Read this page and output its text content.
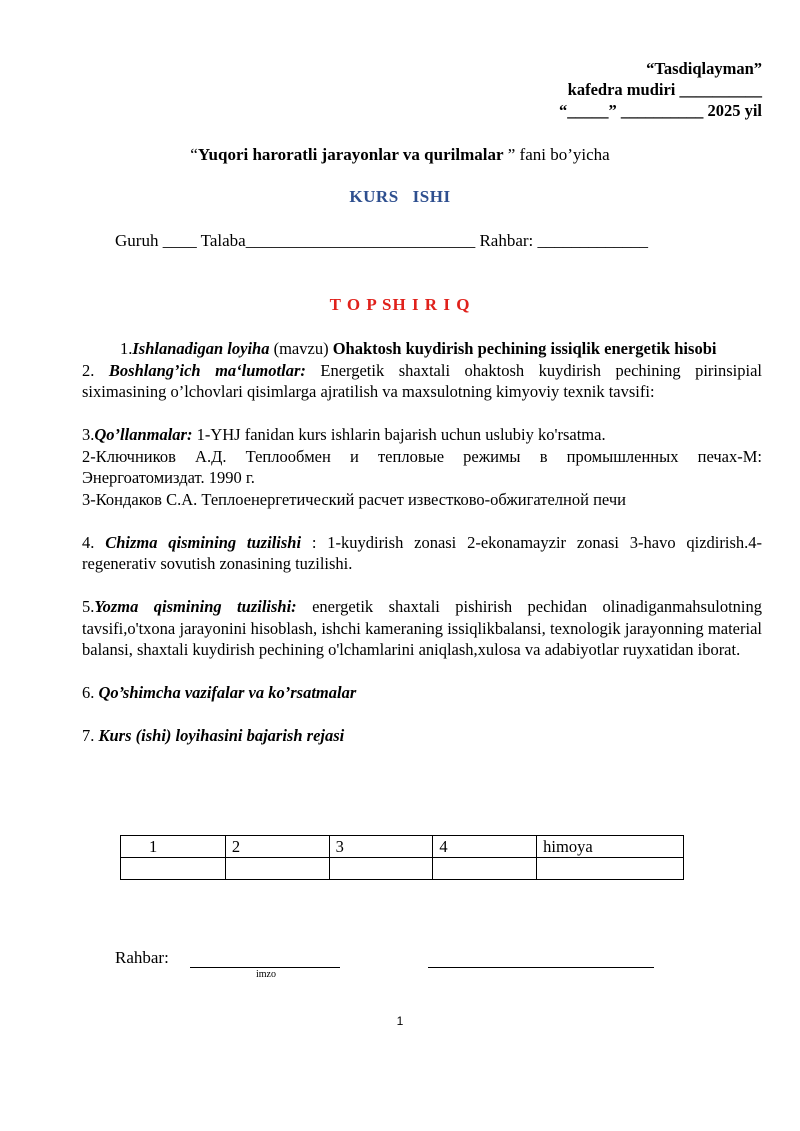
“Tasdiqlayman”
kafedra mudiri __________
“_____” __________ 2025 yil
“Yuqori haroratli jarayonlar va qurilmalar ” fani bo’yicha
KURS ISHI
Guruh ____ Talaba___________________________ Rahbar: _____________
T O P SH I R I Q

1.Ishlanadigan loyiha (mavzu) Ohaktosh kuydirish pechining issiqlik energetik hisobi

2. Boshlang’ich ma‘lumotlar: Energetik shaxtali ohaktosh kuydirish pechining pirinsipial siximasining o’lchovlari qisimlarga ajratilish va maxsulotning kimyoviy texnik tavsifi:

3.Qo’llanmalar: 1-YHJ fanidan kurs ishlarin bajarish uchun uslubiy ko'rsatma.

2-Ключников А.Д. Теплообмен и тепловые режимы в промышленных печах-М: Энергоатомиздат. 1990 г.

3-Кондаков С.А. Теплоенергетический расчет известково-обжигателной печи

4. Chizma qismining tuzilishi : 1-kuydirish zonasi 2-ekonamayzir zonasi 3-havo qizdirish.4-regenerativ sovutish zonasining tuzilishi.

5.Yozma qismining tuzilishi: energetik shaxtali pishirish pechidan olinadiganmahsulotning tavsifi,o'txona jarayonini hisoblash, ishchi kameraning issiqlikbalansi, texnologik jarayonning material balansi, shaxtali kuydirish pechining o'lchamlarini aniqlash,xulosa va adabiyotlar ruyxatidan iborat.

6. Qo’shimcha vazifalar va ko’rsatmalar

7. Kurs (ishi) loyihasini bajarish rejasi

1	2	3	4	himoya

Rahbar:
imzo
1
